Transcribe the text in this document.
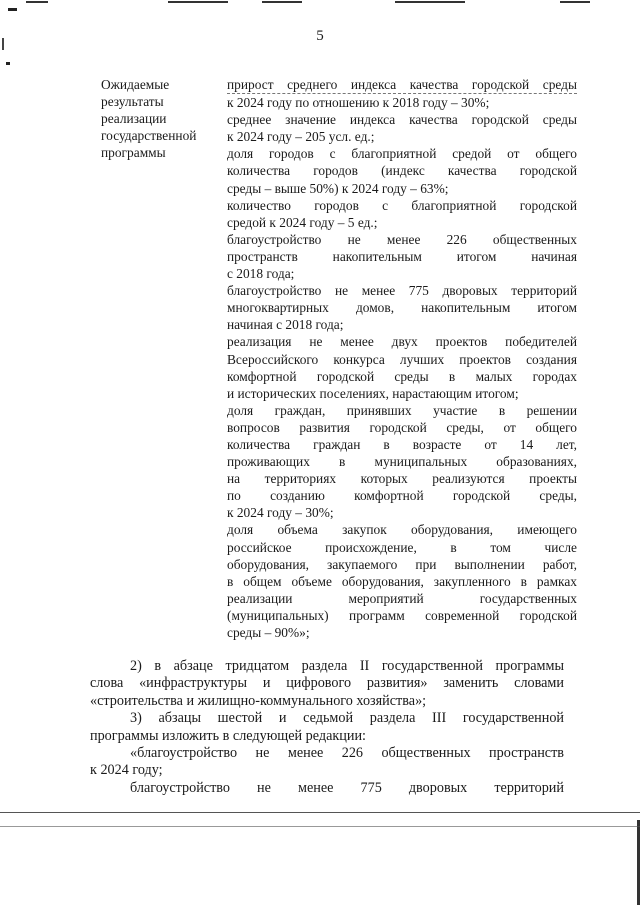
5
Ожидаемые
результаты
реализации
государственной
программы
прирост среднего индекса качества городской среды
к 2024 году по отношению к 2018 году – 30%;
среднее значение индекса качества городской среды
к 2024 году – 205 усл. ед.;
доля городов с благоприятной средой от общего
количества городов (индекс качества городской
среды – выше 50%) к 2024 году – 63%;
количество городов с благоприятной городской
средой к 2024 году – 5 ед.;
благоустройство не менее 226 общественных
пространств накопительным итогом начиная
с 2018 года;
благоустройство не менее 775 дворовых территорий
многоквартирных домов, накопительным итогом
начиная с 2018 года;
реализация не менее двух проектов победителей
Всероссийского конкурса лучших проектов создания
комфортной городской среды в малых городах
и исторических поселениях, нарастающим итогом;
доля граждан, принявших участие в решении
вопросов развития городской среды, от общего
количества граждан в возрасте от 14 лет,
проживающих в муниципальных образованиях,
на территориях которых реализуются проекты
по созданию комфортной городской среды,
к 2024 году – 30%;
доля объема закупок оборудования, имеющего
российское происхождение, в том числе
оборудования, закупаемого при выполнении работ,
в общем объеме оборудования, закупленного в рамках
реализации мероприятий государственных
(муниципальных) программ современной городской
среды – 90%»;
2) в абзаце тридцатом раздела II государственной программы
слова «инфраструктуры и цифрового развития» заменить словами
«строительства и жилищно-коммунального хозяйства»;
3) абзацы шестой и седьмой раздела III государственной
программы изложить в следующей редакции:
«благоустройство не менее 226 общественных пространств
к 2024 году;
благоустройство не менее 775 дворовых территорий
